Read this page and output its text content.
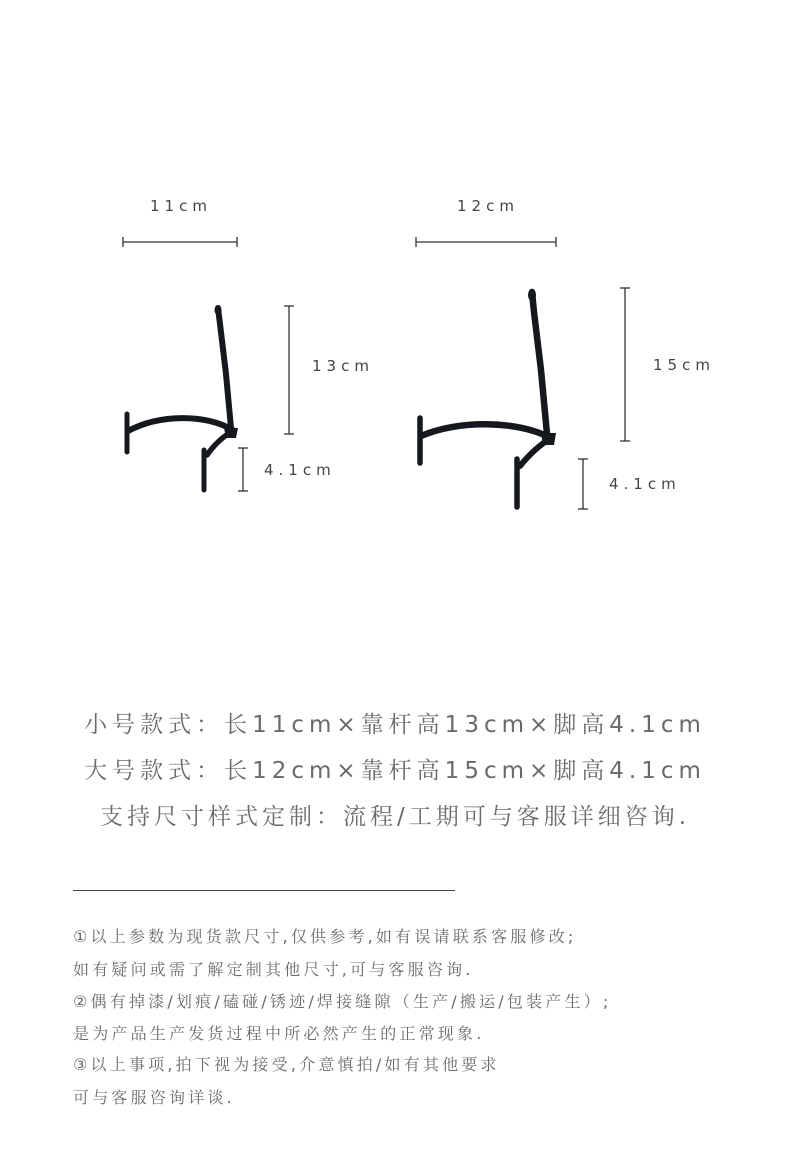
11cm
13cm
4.1cm
12cm
15cm
4.1cm
小号款式：长11cm×靠杆高13cm×脚高4.1cm
大号款式：长12cm×靠杆高15cm×脚高4.1cm
支持尺寸样式定制：流程/工期可与客服详细咨询.
①以上参数为现货款尺寸,仅供参考,如有误请联系客服修改;
如有疑问或需了解定制其他尺寸,可与客服咨询.
②偶有掉漆/划痕/磕碰/锈迹/焊接缝隙（生产/搬运/包装产生）;
是为产品生产发货过程中所必然产生的正常现象.
③以上事项,拍下视为接受,介意慎拍/如有其他要求
可与客服咨询详谈.
